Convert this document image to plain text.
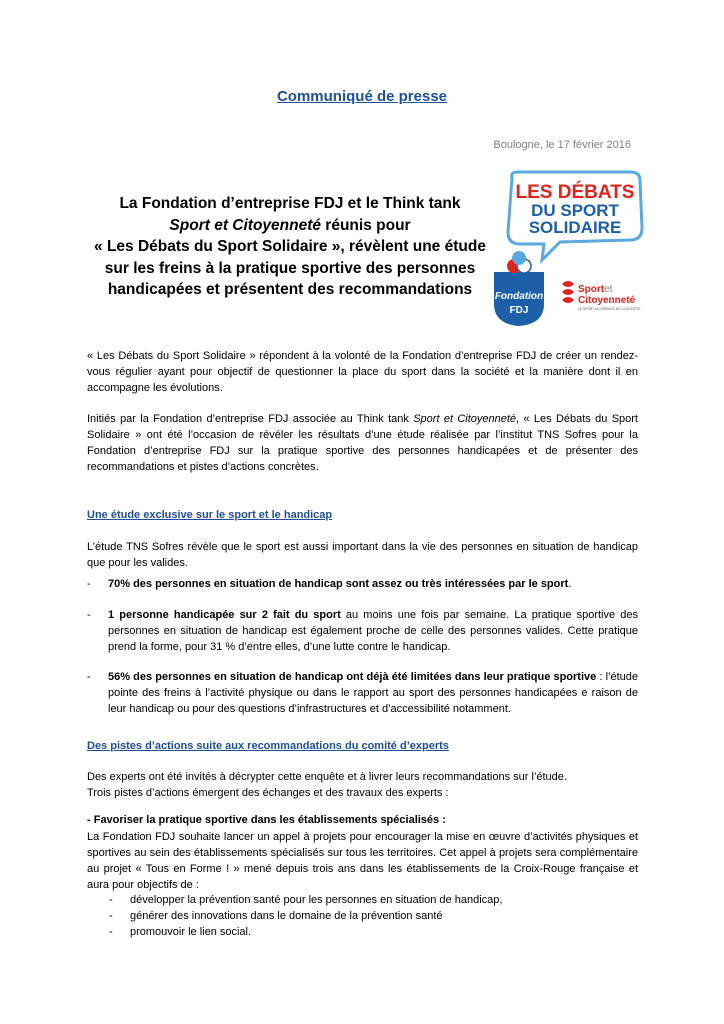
Communiqué de presse
Boulogne, le 17 février 2016
La Fondation d’entreprise FDJ et le Think tank
Sport et Citoyenneté réunis pour
« Les Débats du Sport Solidaire », révèlent une étude
sur les freins à la pratique sportive des personnes
handicapées et présentent des recommandations
LES DÉBATS
DU SPORT
SOLIDAIRE
Fondation
FDJ
Sportet
Citoyenneté
LE SPORT AU SERVICE DE LA SOCIÉTÉ
« Les Débats du Sport Solidaire » répondent à la volonté de la Fondation d’entreprise FDJ de créer un rendez-vous régulier ayant pour objectif de questionner la place du sport dans la société et la manière dont il en accompagne les évolutions.
Initiés par la Fondation d’entreprise FDJ associée au Think tank Sport et Citoyenneté, « Les Débats du Sport Solidaire » ont été l’occasion de révéler les résultats d’une étude réalisée par l’institut TNS Sofres pour la Fondation d’entreprise FDJ sur la pratique sportive des personnes handicapées et de présenter des recommandations et pistes d’actions concrètes.
Une étude exclusive sur le sport et le handicap
L’étude TNS Sofres révèle que le sport est aussi important dans la vie des personnes en situation de handicap que pour les valides.
- 70% des personnes en situation de handicap sont assez ou très intéressées par le sport.
- 1 personne handicapée sur 2 fait du sport au moins une fois par semaine. La pratique sportive des personnes en situation de handicap est également proche de celle des personnes valides. Cette pratique prend la forme, pour 31 % d’entre elles, d’une lutte contre le handicap.
- 56% des personnes en situation de handicap ont déjà été limitées dans leur pratique sportive : l’étude pointe des freins à l’activité physique ou dans le rapport au sport des personnes handicapées e raison de leur handicap ou pour des questions d’infrastructures et d’accessibilité notamment.
Des pistes d’actions suite aux recommandations du comité d’experts
Des experts ont été invités à décrypter cette enquête et à livrer leurs recommandations sur l’étude.
Trois pistes d’actions émergent des échanges et des travaux des experts :
- Favoriser la pratique sportive dans les établissements spécialisés :
La Fondation FDJ souhaite lancer un appel à projets pour encourager la mise en œuvre d’activités physiques et sportives au sein des établissements spécialisés sur tous les territoires. Cet appel à projets sera complémentaire au projet « Tous en Forme ! » mené depuis trois ans dans les établissements de la Croix-Rouge française et aura pour objectifs de :
- développer la prévention santé pour les personnes en situation de handicap,
- générer des innovations dans le domaine de la prévention santé
- promouvoir le lien social.
